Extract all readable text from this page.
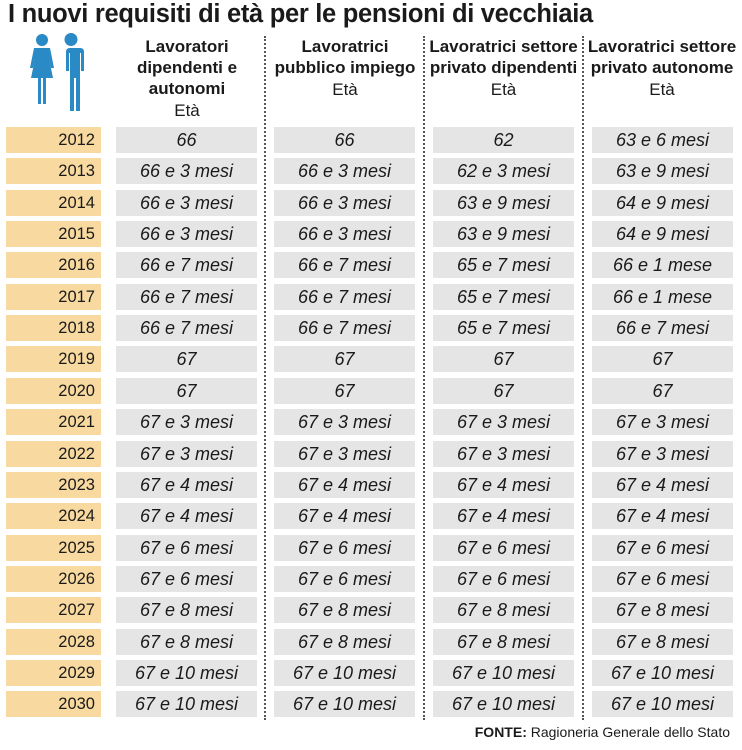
I nuovi requisiti di età per le pensioni di vecchiaia
Lavoratori dipendenti e autonomi
Età
Lavoratrici pubblico impiego
Età
Lavoratrici settore privato dipendenti
Età
Lavoratrici settore privato autonome
Età
2012	66	66	62	63 e 6 mesi
2013	66 e 3 mesi	66 e 3 mesi	62 e 3 mesi	63 e 9 mesi
2014	66 e 3 mesi	66 e 3 mesi	63 e 9 mesi	64 e 9 mesi
2015	66 e 3 mesi	66 e 3 mesi	63 e 9 mesi	64 e 9 mesi
2016	66 e 7 mesi	66 e 7 mesi	65 e 7 mesi	66 e 1 mese
2017	66 e 7 mesi	66 e 7 mesi	65 e 7 mesi	66 e 1 mese
2018	66 e 7 mesi	66 e 7 mesi	65 e 7 mesi	66 e 7 mesi
2019	67	67	67	67
2020	67	67	67	67
2021	67 e 3 mesi	67 e 3 mesi	67 e 3 mesi	67 e 3 mesi
2022	67 e 3 mesi	67 e 3 mesi	67 e 3 mesi	67 e 3 mesi
2023	67 e 4 mesi	67 e 4 mesi	67 e 4 mesi	67 e 4 mesi
2024	67 e 4 mesi	67 e 4 mesi	67 e 4 mesi	67 e 4 mesi
2025	67 e 6 mesi	67 e 6 mesi	67 e 6 mesi	67 e 6 mesi
2026	67 e 6 mesi	67 e 6 mesi	67 e 6 mesi	67 e 6 mesi
2027	67 e 8 mesi	67 e 8 mesi	67 e 8 mesi	67 e 8 mesi
2028	67 e 8 mesi	67 e 8 mesi	67 e 8 mesi	67 e 8 mesi
2029	67 e 10 mesi	67 e 10 mesi	67 e 10 mesi	67 e 10 mesi
2030	67 e 10 mesi	67 e 10 mesi	67 e 10 mesi	67 e 10 mesi
FONTE: Ragioneria Generale dello Stato
